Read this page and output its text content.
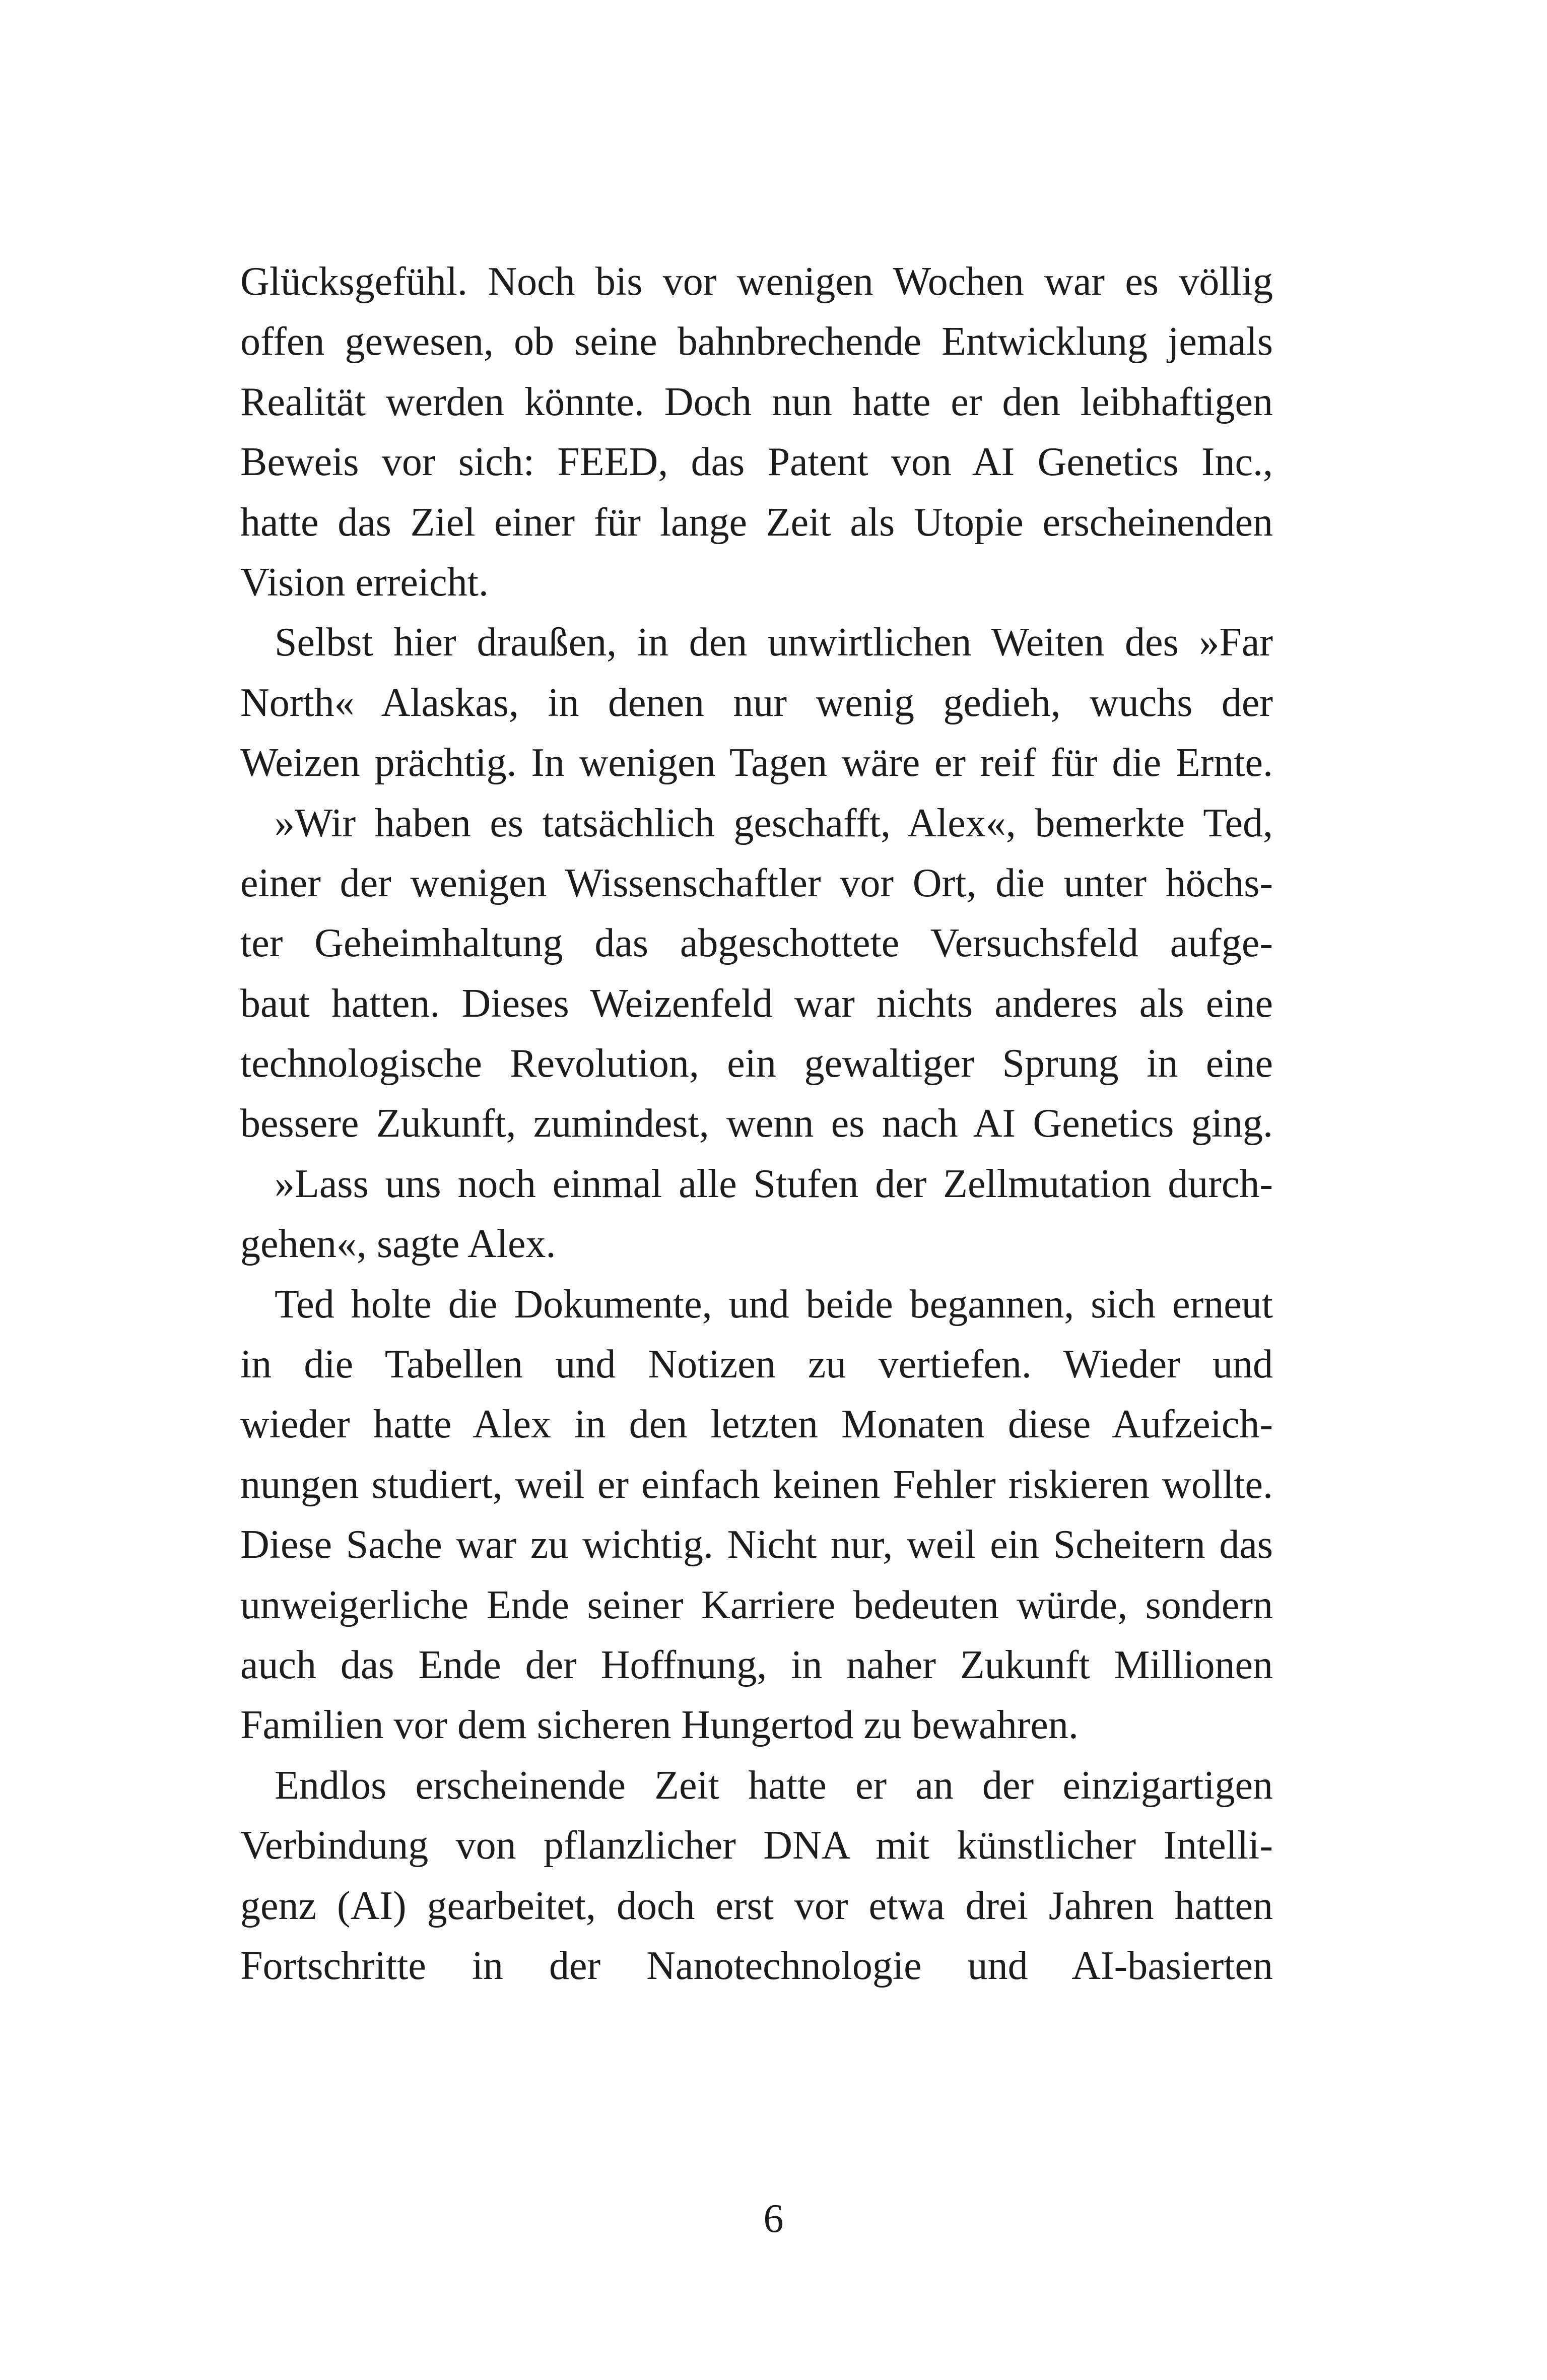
Glücksgefühl. Noch bis vor wenigen Wochen war es völlig
offen gewesen, ob seine bahnbrechende Entwicklung jemals
Realität werden könnte. Doch nun hatte er den leibhaftigen
Beweis vor sich: FEED, das Patent von AI Genetics Inc.,
hatte das Ziel einer für lange Zeit als Utopie erscheinenden
Vision erreicht.

Selbst hier draußen, in den unwirtlichen Weiten des »Far
North« Alaskas, in denen nur wenig gedieh, wuchs der
Weizen prächtig. In wenigen Tagen wäre er reif für die Ernte.

»Wir haben es tatsächlich geschafft, Alex«, bemerkte Ted,
einer der wenigen Wissenschaftler vor Ort, die unter höchs-
ter Geheimhaltung das abgeschottete Versuchsfeld aufge-
baut hatten. Dieses Weizenfeld war nichts anderes als eine
technologische Revolution, ein gewaltiger Sprung in eine
bessere Zukunft, zumindest, wenn es nach AI Genetics ging.

»Lass uns noch einmal alle Stufen der Zellmutation durch-
gehen«, sagte Alex.

Ted holte die Dokumente, und beide begannen, sich erneut
in die Tabellen und Notizen zu vertiefen. Wieder und
wieder hatte Alex in den letzten Monaten diese Aufzeich-
nungen studiert, weil er einfach keinen Fehler riskieren wollte.
Diese Sache war zu wichtig. Nicht nur, weil ein Scheitern das
unweigerliche Ende seiner Karriere bedeuten würde, sondern
auch das Ende der Hoffnung, in naher Zukunft Millionen
Familien vor dem sicheren Hungertod zu bewahren.

Endlos erscheinende Zeit hatte er an der einzigartigen
Verbindung von pflanzlicher DNA mit künstlicher Intelli-
genz (AI) gearbeitet, doch erst vor etwa drei Jahren hatten
Fortschritte in der Nanotechnologie und AI-basierten

6
